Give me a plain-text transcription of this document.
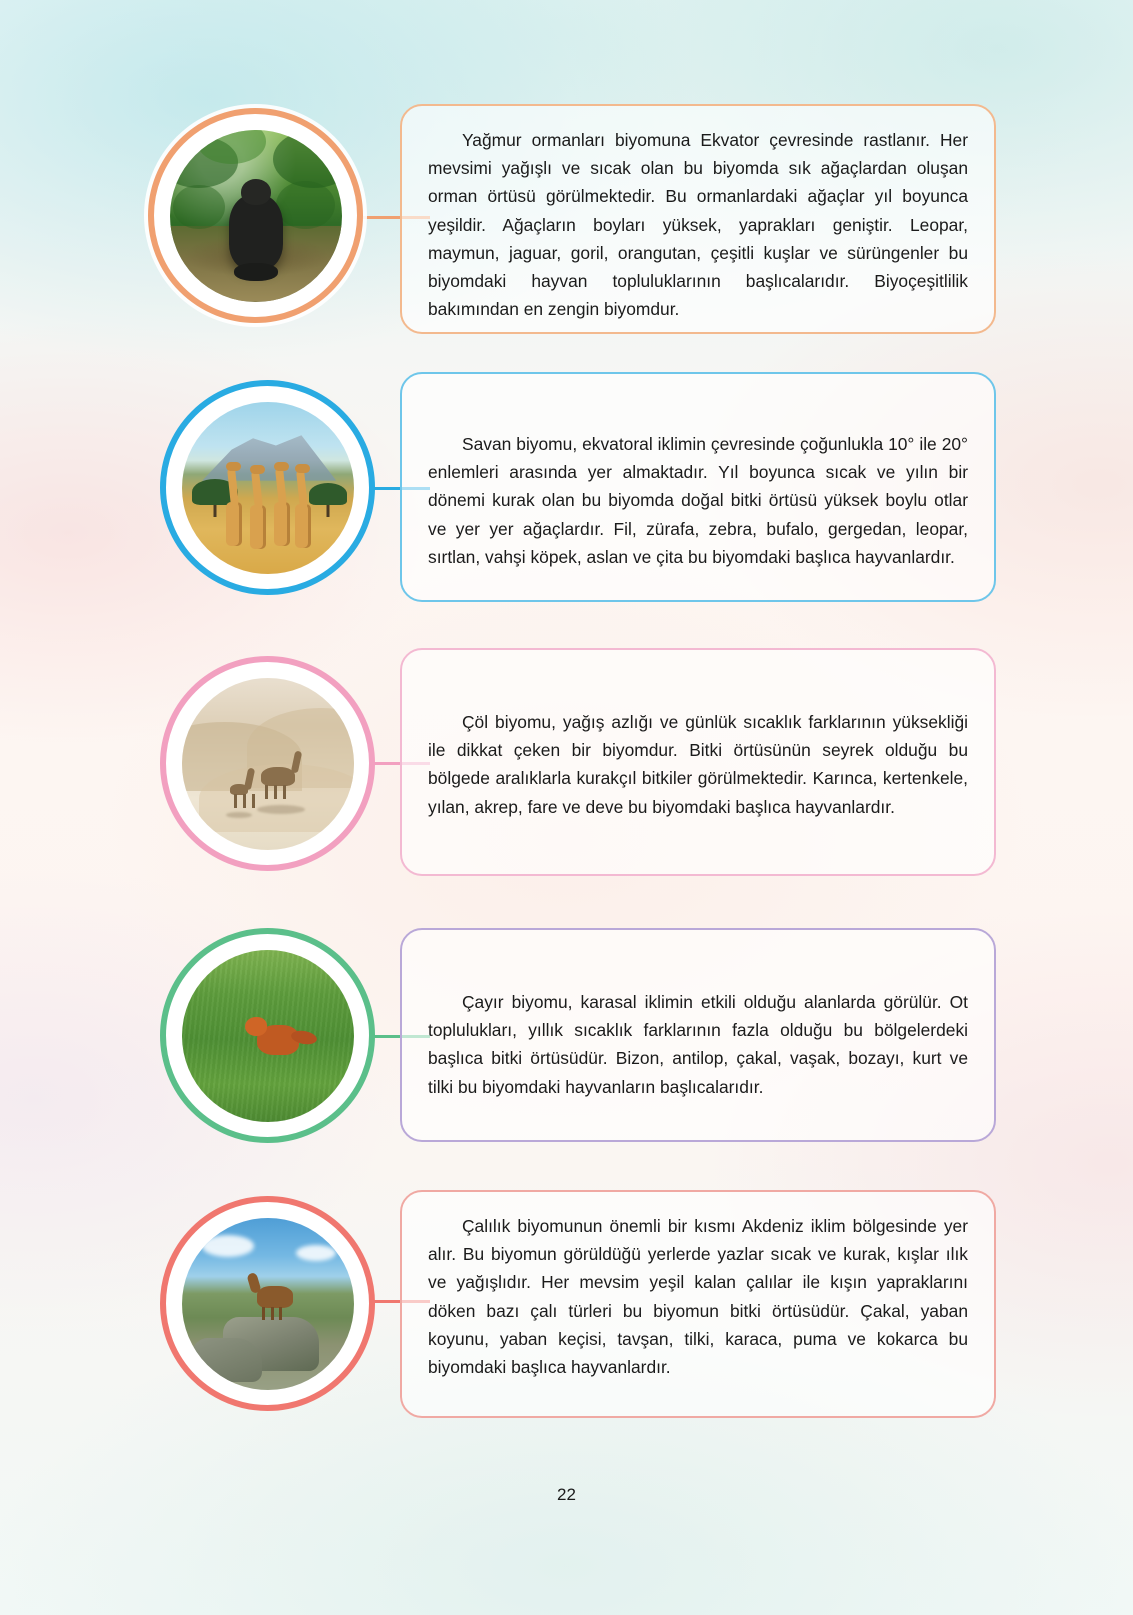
Yağmur ormanları biyomuna Ekvator çevresinde rastlanır. Her mevsimi yağışlı ve sıcak olan bu biyomda sık ağaçlardan oluşan orman örtüsü görülmektedir. Bu ormanlardaki ağaçlar yıl boyunca yeşildir. Ağaçların boyları yüksek, yaprakları geniştir. Leopar, maymun, jaguar, goril, orangutan, çeşitli kuşlar ve sürüngenler bu biyomdaki hayvan topluluklarının başlıcalarıdır. Biyoçeşitlilik bakımından en zengin biyomdur.

Savan biyomu, ekvatoral iklimin çevresinde çoğunlukla 10° ile 20° enlemleri arasında yer almaktadır. Yıl boyunca sıcak ve yılın bir dönemi kurak olan bu biyomda doğal bitki örtüsü yüksek boylu otlar ve yer yer ağaçlardır. Fil, zürafa, zebra, bufalo, gergedan, leopar, sırtlan, vahşi köpek, aslan ve çita bu biyomdaki başlıca hayvanlardır.

Çöl biyomu, yağış azlığı ve günlük sıcaklık farklarının yüksekliği ile dikkat çeken bir biyomdur. Bitki örtüsünün seyrek olduğu bu bölgede aralıklarla kurakçıl bitkiler görülmektedir. Karınca, kertenkele, yılan, akrep, fare ve deve bu biyomdaki başlıca hayvanlardır.

Çayır biyomu, karasal iklimin etkili olduğu alanlarda görülür. Ot toplulukları, yıllık sıcaklık farklarının fazla olduğu bu bölgelerdeki başlıca bitki örtüsüdür. Bizon, antilop, çakal, vaşak, bozayı, kurt ve tilki bu biyomdaki hayvanların başlıcalarıdır.

Çalılık biyomunun önemli bir kısmı Akdeniz iklim bölgesinde yer alır. Bu biyomun görüldüğü yerlerde yazlar sıcak ve kurak, kışlar ılık ve yağışlıdır. Her mevsim yeşil kalan çalılar ile kışın yapraklarını döken bazı çalı türleri bu biyomun bitki örtüsüdür. Çakal, yaban koyunu, yaban keçisi, tavşan, tilki, karaca, puma ve kokarca bu biyomdaki başlıca hayvanlardır.

22
